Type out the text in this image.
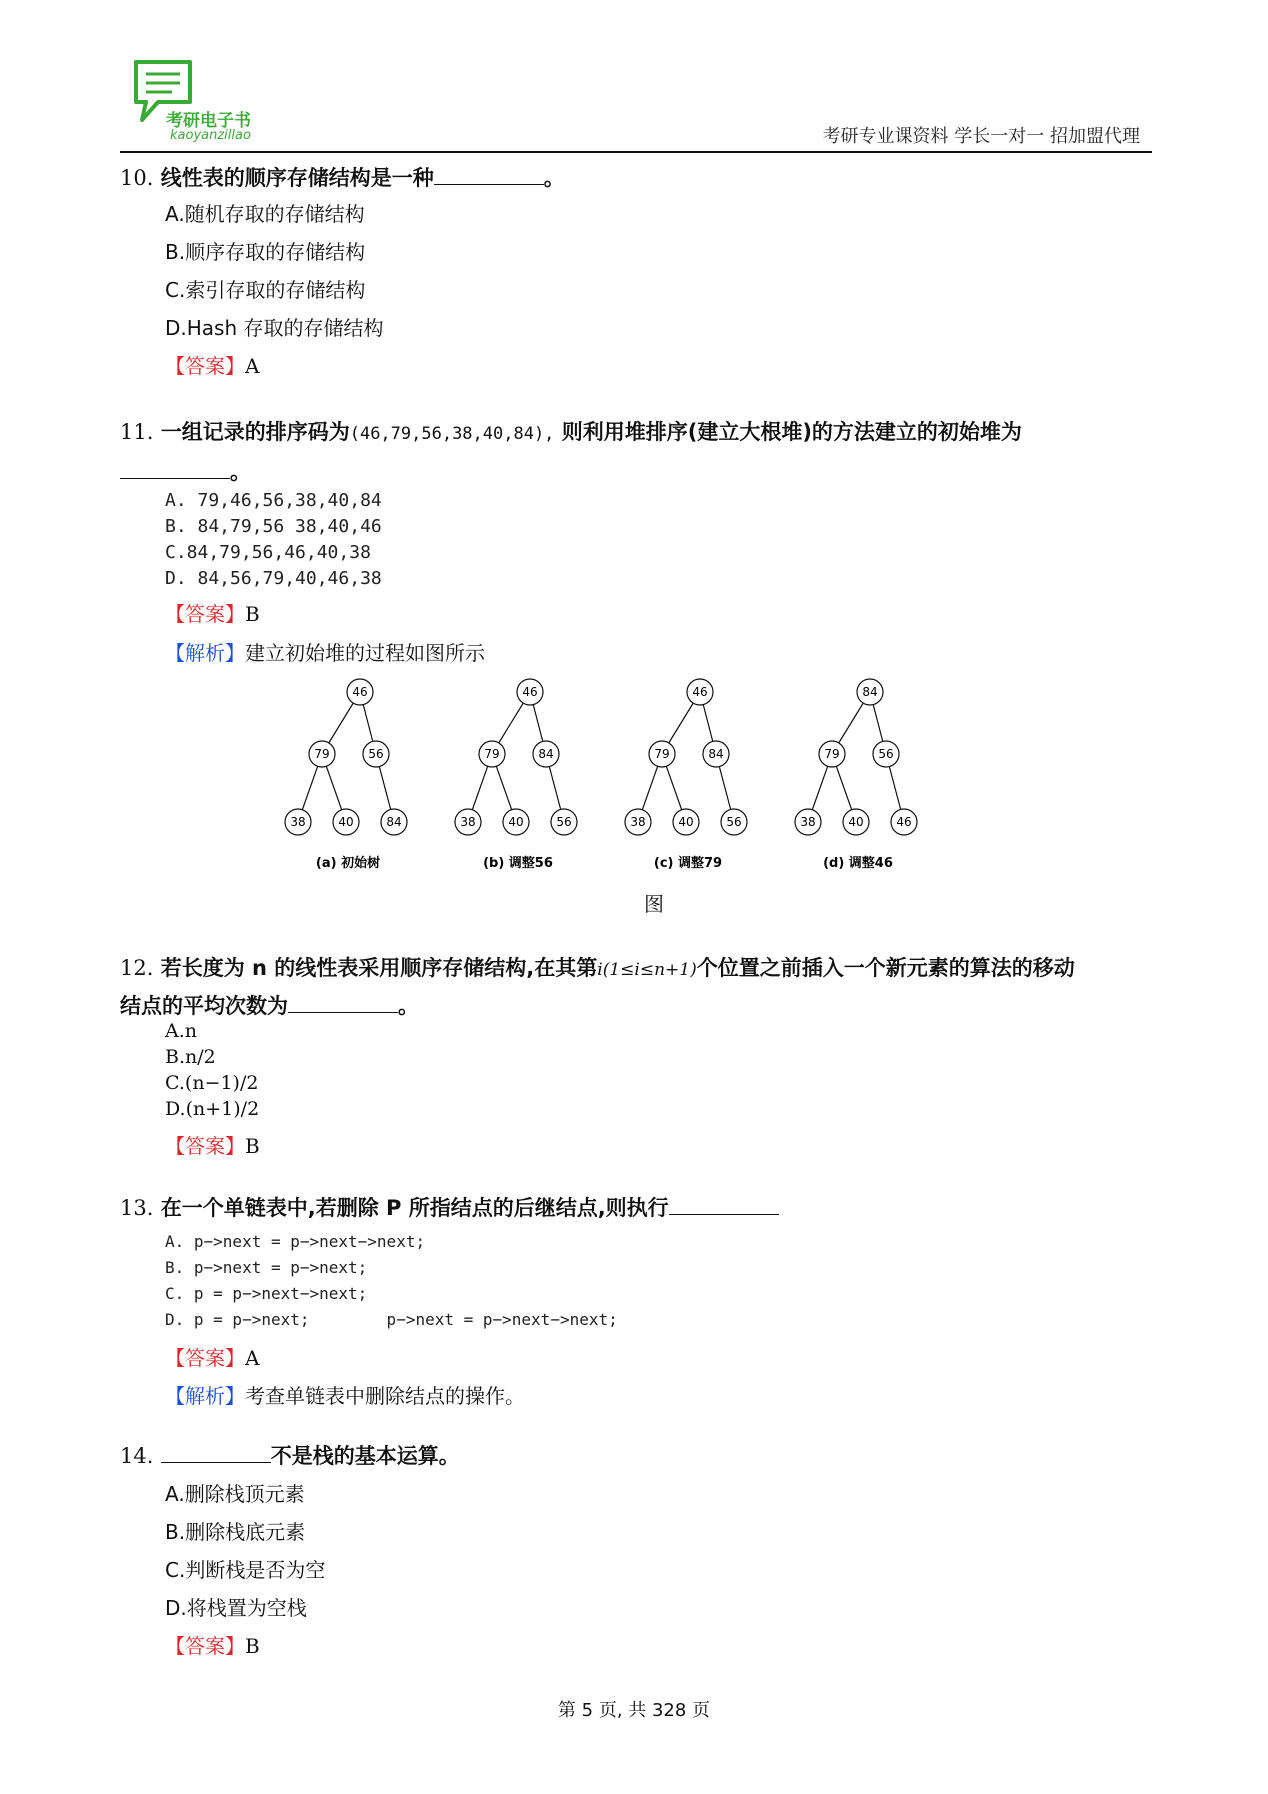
考研电子书
kaoyanzillao	考研专业课资料 学长一对一 招加盟代理
10. 线性表的顺序存储结构是一种	。
A.随机存取的存储结构
B.顺序存取的存储结构
C.索引存取的存储结构
D.Hash 存取的存储结构
【答案】A
11. 一组记录的排序码为(46,79,56,38,40,84), 则利用堆排序(建立大根堆)的方法建立的初始堆为
。
A. 79,46,56,38,40,84
B. 84,79,56 38,40,46
C.84,79,56,46,40,38
D. 84,56,79,40,46,38
【答案】B
【解析】建立初始堆的过程如图所示
46
79	56
38	40	84
(a) 初始树
46
79	84
38	40	56
(b) 调整56
46
79	84
38	40	56
(c) 调整79
84
79	56
38	40	46
(d) 调整46
图
12. 若长度为 n 的线性表采用顺序存储结构,在其第i(1≤i≤n+1)个位置之前插入一个新元素的算法的移动
结点的平均次数为	。
A.n
B.n/2
C.(n−1)/2
D.(n+1)/2
【答案】B
13. 在一个单链表中,若删除 P 所指结点的后继结点,则执行
A. p−>next = p−>next−>next;
B. p−>next = p−>next;
C. p = p−>next−>next;
D. p = p−>next;        p−>next = p−>next−>next;
【答案】A
【解析】考查单链表中删除结点的操作。
14.	不是栈的基本运算。
A.删除栈顶元素
B.删除栈底元素
C.判断栈是否为空
D.将栈置为空栈
【答案】B
第 5 页, 共 328 页
